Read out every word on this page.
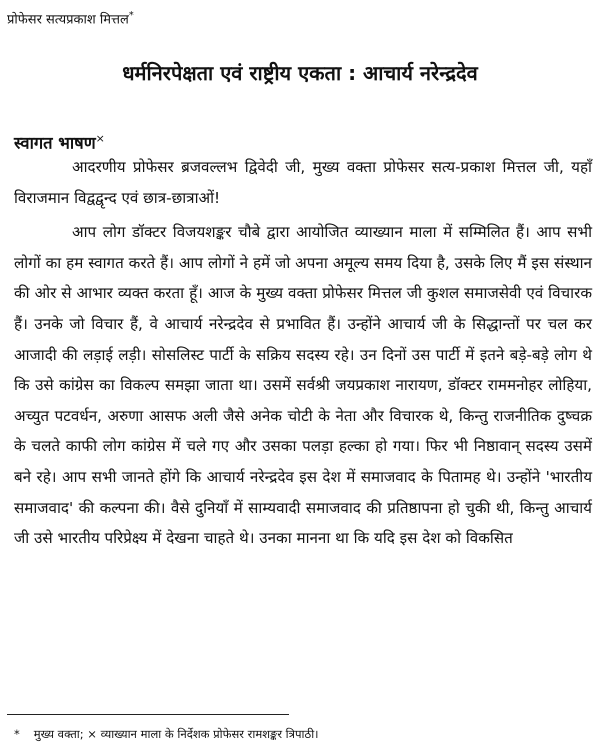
प्रोफेसर सत्यप्रकाश मित्तल*
धर्मनिरपेक्षता एवं राष्ट्रीय एकता : आचार्य नरेन्द्रदेव
स्वागत भाषण×

आदरणीय प्रोफेसर ब्रजवल्लभ द्विवेदी जी, मुख्य वक्ता प्रोफेसर सत्य-प्रकाश मित्तल जी, यहाँ विराजमान विद्वद्वृन्द एवं छात्र-छात्राओं!

आप लोग डॉक्टर विजयशङ्कर चौबे द्वारा आयोजित व्याख्यान माला में सम्मिलित हैं। आप सभी लोगों का हम स्वागत करते हैं। आप लोगों ने हमें जो अपना अमूल्य समय दिया है, उसके लिए मैं इस संस्थान की ओर से आभार व्यक्त करता हूँ। आज के मुख्य वक्ता प्रोफेसर मित्तल जी कुशल समाजसेवी एवं विचारक हैं। उनके जो विचार हैं, वे आचार्य नरेन्द्रदेव से प्रभावित हैं। उन्होंने आचार्य जी के सिद्धान्तों पर चल कर आजादी की लड़ाई लड़ी। सोसलिस्ट पार्टी के सक्रिय सदस्य रहे। उन दिनों उस पार्टी में इतने बड़े-बड़े लोग थे कि उसे कांग्रेस का विकल्प समझा जाता था। उसमें सर्वश्री जयप्रकाश नारायण, डॉक्टर राममनोहर लोहिया, अच्युत पटवर्धन, अरुणा आसफ अली जैसे अनेक चोटी के नेता और विचारक थे, किन्तु राजनीतिक दुष्चक्र के चलते काफी लोग कांग्रेस में चले गए और उसका पलड़ा हल्का हो गया। फिर भी निष्ठावान् सदस्य उसमें बने रहे। आप सभी जानते होंगे कि आचार्य नरेन्द्रदेव इस देश में समाजवाद के पितामह थे। उन्होंने 'भारतीय समाजवाद' की कल्पना की। वैसे दुनियाँ में साम्यवादी समाजवाद की प्रतिष्ठापना हो चुकी थी, किन्तु आचार्य जी उसे भारतीय परिप्रेक्ष्य में देखना चाहते थे। उनका मानना था कि यदि इस देश को विकसित

* मुख्य वक्ता; × व्याख्यान माला के निर्देशक प्रोफेसर रामशङ्कर त्रिपाठी।
